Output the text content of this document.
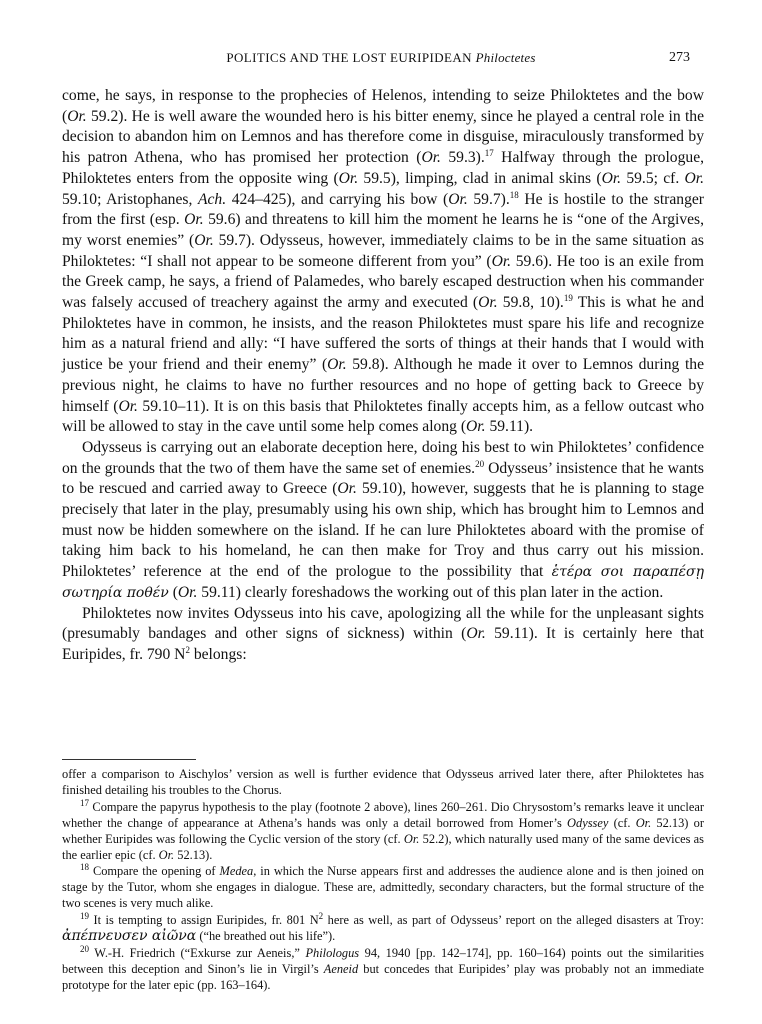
POLITICS AND THE LOST EURIPIDEAN Philoctetes	273

come, he says, in response to the prophecies of Helenos, intending to seize Philoktetes and the bow (Or. 59.2). He is well aware the wounded hero is his bitter enemy, since he played a central role in the decision to abandon him on Lemnos and has therefore come in disguise, miraculously transformed by his patron Athena, who has promised her protection (Or. 59.3).$^{17}$ Halfway through the prologue, Philoktetes enters from the opposite wing (Or. 59.5), limping, clad in animal skins (Or. 59.5; cf. Or. 59.10; Aristophanes, Ach. 424–425), and carrying his bow (Or. 59.7).$^{18}$ He is hostile to the stranger from the first (esp. Or. 59.6) and threatens to kill him the moment he learns he is “one of the Argives, my worst enemies” (Or. 59.7). Odysseus, however, immediately claims to be in the same situation as Philoktetes: “I shall not appear to be someone different from you” (Or. 59.6). He too is an exile from the Greek camp, he says, a friend of Palamedes, who barely escaped destruction when his commander was falsely accused of treachery against the army and executed (Or. 59.8, 10).$^{19}$ This is what he and Philoktetes have in common, he insists, and the reason Philoktetes must spare his life and recognize him as a natural friend and ally: “I have suffered the sorts of things at their hands that I would with justice be your friend and their enemy” (Or. 59.8). Although he made it over to Lemnos during the previous night, he claims to have no further resources and no hope of getting back to Greece by himself (Or. 59.10–11). It is on this basis that Philoktetes finally accepts him, as a fellow outcast who will be allowed to stay in the cave until some help comes along (Or. 59.11).

Odysseus is carrying out an elaborate deception here, doing his best to win Philoktetes’ confidence on the grounds that the two of them have the same set of enemies.$^{20}$ Odysseus’ insistence that he wants to be rescued and carried away to Greece (Or. 59.10), however, suggests that he is planning to stage precisely that later in the play, presumably using his own ship, which has brought him to Lemnos and must now be hidden somewhere on the island. If he can lure Philoktetes aboard with the promise of taking him back to his homeland, he can then make for Troy and thus carry out his mission. Philoktetes’ reference at the end of the prologue to the possibility that ἑτέρα σοι παραπέσῃ σωτηρία ποθέν (Or. 59.11) clearly foreshadows the working out of this plan later in the action.

Philoktetes now invites Odysseus into his cave, apologizing all the while for the unpleasant sights (presumably bandages and other signs of sickness) within (Or. 59.11). It is certainly here that Euripides, fr. 790 $N^2$ belongs:

offer a comparison to Aischylos’ version as well is further evidence that Odysseus arrived later there, after Philoktetes has finished detailing his troubles to the Chorus.

$^{17}$ Compare the papyrus hypothesis to the play (footnote 2 above), lines 260–261. Dio Chrysostom’s remarks leave it unclear whether the change of appearance at Athena’s hands was only a detail borrowed from Homer’s Odyssey (cf. Or. 52.13) or whether Euripides was following the Cyclic version of the story (cf. Or. 52.2), which naturally used many of the same devices as the earlier epic (cf. Or. 52.13).

$^{18}$ Compare the opening of Medea, in which the Nurse appears first and addresses the audience alone and is then joined on stage by the Tutor, whom she engages in dialogue. These are, admittedly, secondary characters, but the formal structure of the two scenes is very much alike.

$^{19}$ It is tempting to assign Euripides, fr. 801 $N^2$ here as well, as part of Odysseus’ report on the alleged disasters at Troy: ἀπέπνευσεν αἰῶνα (“he breathed out his life”).

$^{20}$ W.-H. Friedrich (“Exkurse zur Aeneis,” Philologus 94, 1940 [pp. 142–174], pp. 160–164) points out the similarities between this deception and Sinon’s lie in Virgil’s Aeneid but concedes that Euripides’ play was probably not an immediate prototype for the later epic (pp. 163–164).
